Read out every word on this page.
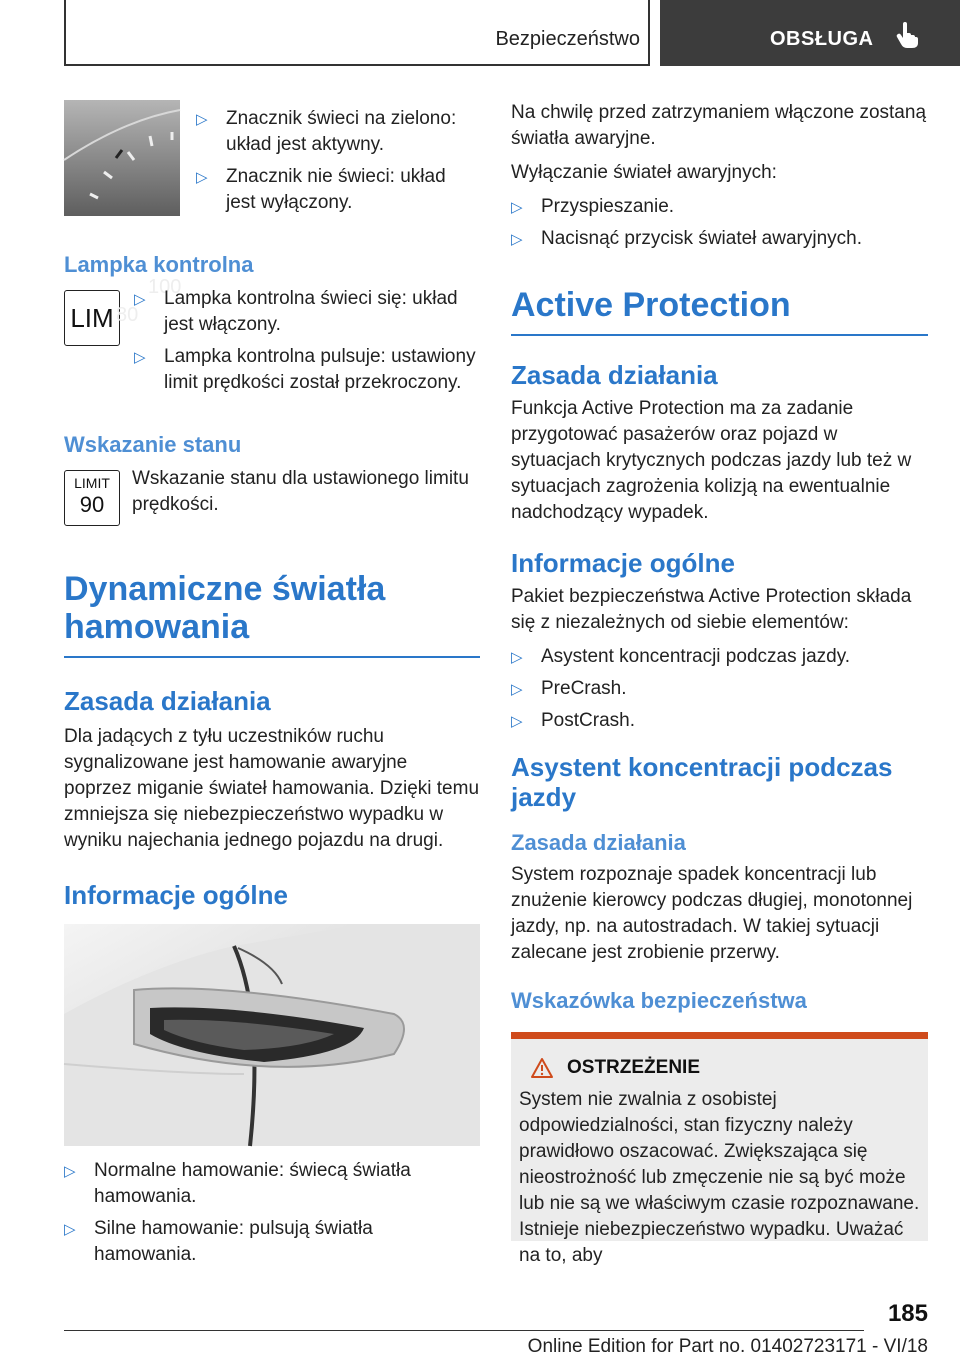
Bezpieczeństwo	OBSŁUGA
100
80
▷ Znacznik świeci na zielono: układ jest aktywny.
▷ Znacznik nie świeci: układ jest wyłączony.
Lampka kontrolna
LIM
▷ Lampka kontrolna świeci się: układ jest włączony.
▷ Lampka kontrolna pulsuje: ustawiony limit prędkości został przekroczony.
Wskazanie stanu
LIMIT
90
Wskazanie stanu dla ustawionego limitu prędkości.
Dynamiczne światła hamowania
Zasada działania
Dla jadących z tyłu uczestników ruchu sygnalizowane jest hamowanie awaryjne poprzez miganie świateł hamowania. Dzięki temu zmniejsza się niebezpieczeństwo wypadku w wyniku najechania jednego pojazdu na drugi.
Informacje ogólne
▷ Normalne hamowanie: świecą światła hamowania.
▷ Silne hamowanie: pulsują światła hamowania.
Na chwilę przed zatrzymaniem włączone zostaną światła awaryjne.
Wyłączanie świateł awaryjnych:
▷ Przyspieszanie.
▷ Nacisnąć przycisk świateł awaryjnych.
Active Protection
Zasada działania
Funkcja Active Protection ma za zadanie przygotować pasażerów oraz pojazd w sytuacjach krytycznych podczas jazdy lub też w sytuacjach zagrożenia kolizją na ewentualnie nadchodzący wypadek.
Informacje ogólne
Pakiet bezpieczeństwa Active Protection składa się z niezależnych od siebie elementów:
▷ Asystent koncentracji podczas jazdy.
▷ PreCrash.
▷ PostCrash.
Asystent koncentracji podczas jazdy
Zasada działania
System rozpoznaje spadek koncentracji lub znużenie kierowcy podczas długiej, monotonnej jazdy, np. na autostradach. W takiej sytuacji zalecane jest zrobienie przerwy.
Wskazówka bezpieczeństwa
OSTRZEŻENIE
System nie zwalnia z osobistej odpowiedzialności, stan fizyczny należy prawidłowo oszacować. Zwiększająca się nieostrożność lub zmęczenie nie są być może lub nie są we właściwym czasie rozpoznawane. Istnieje niebezpieczeństwo wypadku. Uważać na to, aby
185
Online Edition for Part no. 01402723171 - VI/18
